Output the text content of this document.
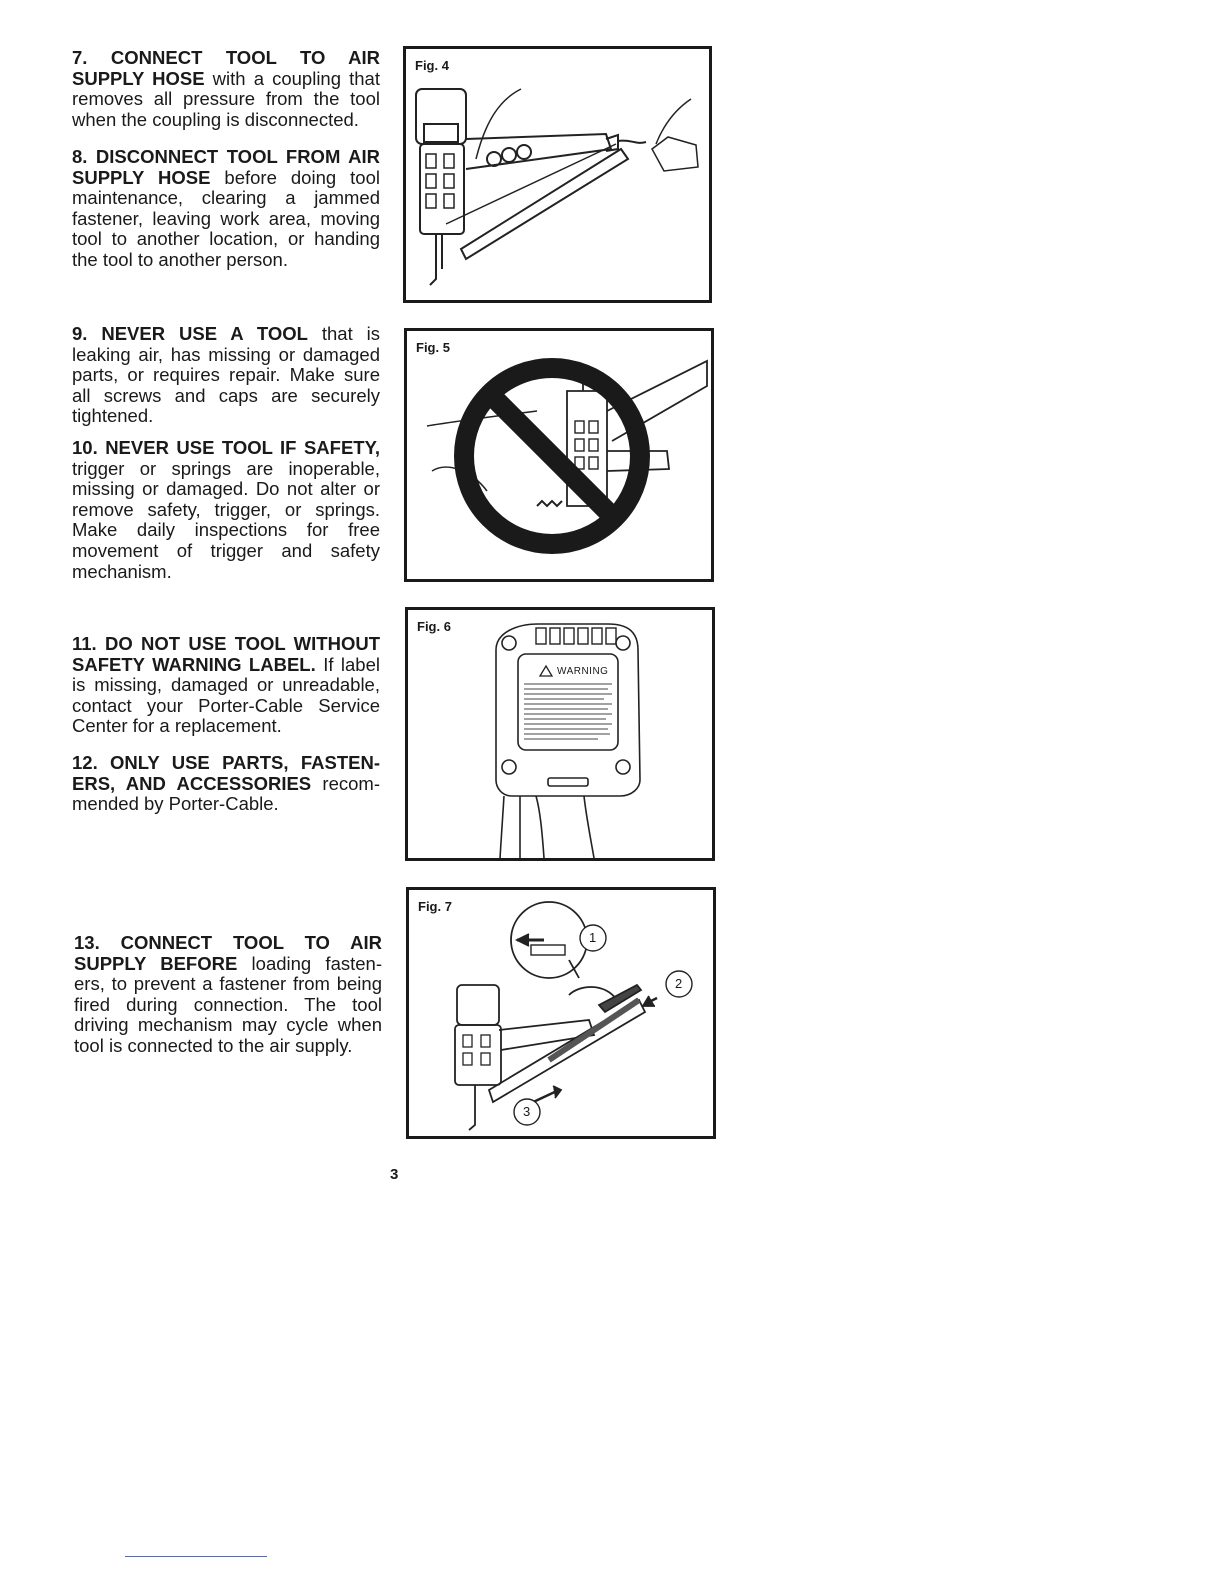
7. CONNECT TOOL TO AIR SUPPLY HOSE with a coupling that removes all pressure from the tool when the coupling is disconnected.
8. DISCONNECT TOOL FROM AIR SUPPLY HOSE before doing tool maintenance, clearing a jammed fastener, leaving work area, moving tool to another location, or handing the tool to another person.
9. NEVER USE A TOOL that is leaking air, has missing or damaged parts, or requires repair. Make sure all screws and caps are securely tightened.
10. NEVER USE TOOL IF SAFETY, trigger or springs are inoperable, missing or damaged. Do not alter or remove safety, trigger, or springs. Make daily inspections for free movement of trigger and safety mechanism.
11. DO NOT USE TOOL WITHOUT SAFETY WARNING LABEL. If label is missing, damaged or unreadable, contact your Porter-Cable Service Center for a replacement.
12. ONLY USE PARTS, FASTEN-ERS, AND ACCESSORIES recom-mended by Porter-Cable.
13. CONNECT TOOL TO AIR SUPPLY BEFORE loading fasten-ers, to prevent a fastener from being fired during connection. The tool driving mechanism may cycle when tool is connected to the air supply.
Fig. 4
Fig. 5
Fig. 6
WARNING
Fig. 7
1
2
3
3
